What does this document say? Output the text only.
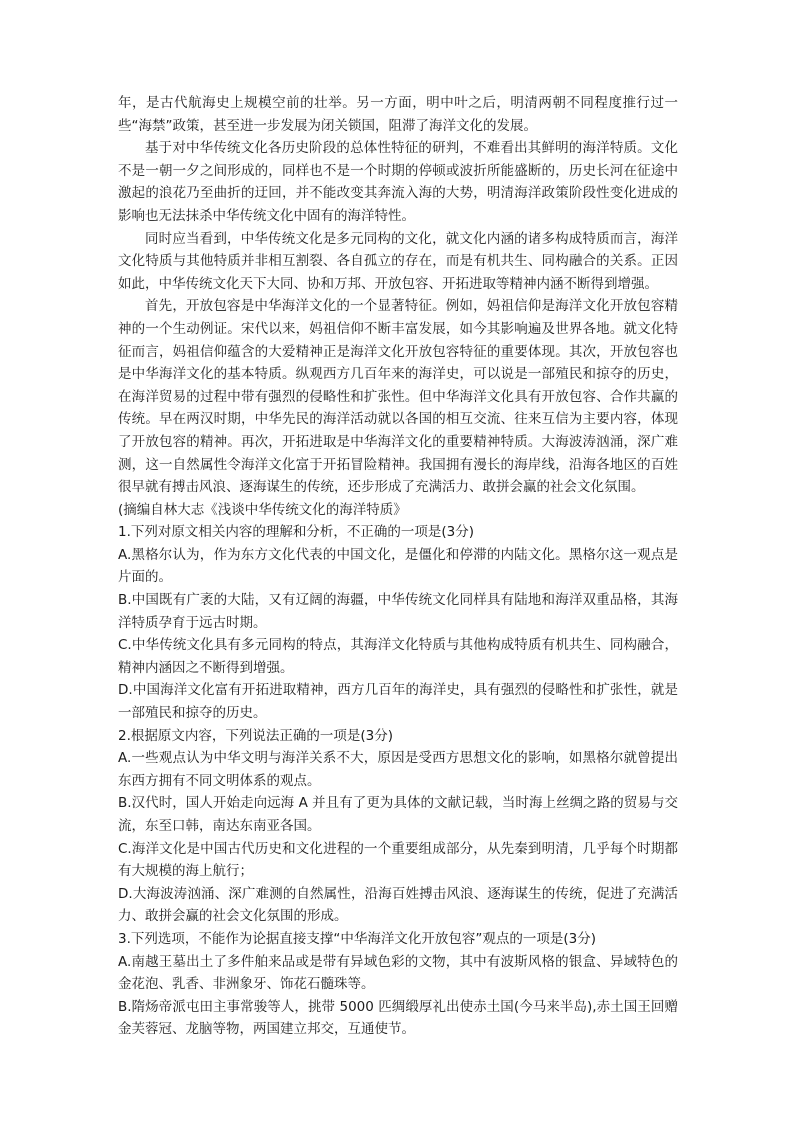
年，是古代航海史上规模空前的壮举。另一方面，明中叶之后，明清两朝不同程度推行过一些“海禁”政策，甚至进一步发展为闭关锁国，阻滞了海洋文化的发展。

基于对中华传统文化各历史阶段的总体性特征的研判，不难看出其鲜明的海洋特质。文化不是一朝一夕之间形成的，同样也不是一个时期的停顿或波折所能盛断的，历史长河在征途中激起的浪花乃至曲折的迂回，并不能改变其奔流入海的大势，明清海洋政策阶段性变化进成的影响也无法抹杀中华传统文化中固有的海洋特性。

同时应当看到，中华传统文化是多元同构的文化，就文化内涵的诸多构成特质而言，海洋文化特质与其他特质并非相互割裂、各自孤立的存在，而是有机共生、同构融合的关系。正因如此，中华传统文化天下大同、协和万邦、开放包容、开拓进取等精神内涵不断得到增强。

首先，开放包容是中华海洋文化的一个显著特征。例如，妈祖信仰是海洋文化开放包容精神的一个生动例证。宋代以来，妈祖信仰不断丰富发展，如今其影响遍及世界各地。就文化特征而言，妈祖信仰蕴含的大爱精神正是海洋文化开放包容特征的重要体现。其次，开放包容也是中华海洋文化的基本特质。纵观西方几百年来的海洋史，可以说是一部殖民和掠夺的历史，在海洋贸易的过程中带有强烈的侵略性和扩张性。但中华海洋文化具有开放包容、合作共赢的传统。早在两汉时期，中华先民的海洋活动就以各国的相互交流、往来互信为主要内容，体现了开放包容的精神。再次，开拓进取是中华海洋文化的重要精神特质。大海波涛汹涌，深广难测，这一自然属性令海洋文化富于开拓冒险精神。我国拥有漫长的海岸线，沿海各地区的百姓很早就有搏击风浪、逐海谋生的传统，还步形成了充满活力、敢拼会赢的社会文化氛围。

(摘编自林大志《浅谈中华传统文化的海洋特质》

1.下列对原文相关内容的理解和分析，不正确的一项是(3分)

A.黑格尔认为，作为东方文化代表的中国文化，是僵化和停滞的内陆文化。黑格尔这一观点是片面的。

B.中国既有广袤的大陆，又有辽阔的海疆，中华传统文化同样具有陆地和海洋双重品格，其海洋特质孕育于远古时期。

C.中华传统文化具有多元同构的特点，其海洋文化特质与其他构成特质有机共生、同构融合，精神内涵因之不断得到增强。

D.中国海洋文化富有开拓进取精神，西方几百年的海洋史，具有强烈的侵略性和扩张性，就是一部殖民和掠夺的历史。

2.根据原文内容，下列说法正确的一项是(3分)

A.一些观点认为中华文明与海洋关系不大，原因是受西方思想文化的影响，如黑格尔就曾提出东西方拥有不同文明体系的观点。

B.汉代时，国人开始走向远海 A 并且有了更为具体的文献记载，当时海上丝绸之路的贸易与交流，东至口韩，南达东南亚各国。

C.海洋文化是中国古代历史和文化进程的一个重要组成部分，从先秦到明清，几乎每个时期都有大规模的海上航行；

D.大海波涛汹涌、深广难测的自然属性，沿海百姓搏击风浪、逐海谋生的传统，促进了充满活力、敢拼会赢的社会文化氛围的形成。

3.下列选项，不能作为论据直接支撑“中华海洋文化开放包容”观点的一项是(3分)

A.南越王墓出土了多件舶来品或是带有异域色彩的文物，其中有波斯风格的银盒、异域特色的金花泡、乳香、非洲象牙、饰花石髓珠等。

B.隋炀帝派屯田主事常骏等人，挑带 5000 匹绸缎厚礼出使赤土国(今马来半岛),赤土国王回赠金芙蓉冠、龙脑等物，两国建立邦交，互通使节。
